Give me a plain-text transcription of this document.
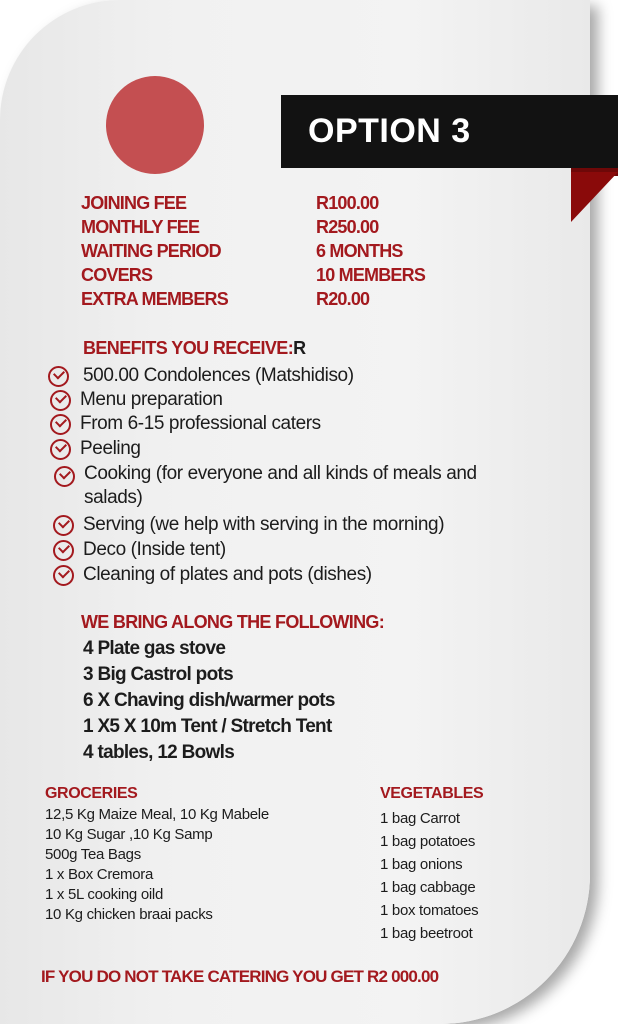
OPTION 3
JOINING FEE	R100.00
MONTHLY FEE	R250.00
WAITING PERIOD	6 MONTHS
COVERS	10 MEMBERS
EXTRA MEMBERS	R20.00
BENEFITS YOU RECEIVE:R
500.00 Condolences (Matshidiso)
Menu preparation
From 6-15 professional caters
Peeling
Cooking (for everyone and all kinds of meals and salads)
Serving (we help with serving in the morning)
Deco (Inside tent)
Cleaning of plates and pots (dishes)
WE BRING ALONG THE FOLLOWING:
4 Plate gas stove
3 Big Castrol pots
6 X Chaving dish/warmer pots
1 X5 X 10m Tent / Stretch Tent
4 tables, 12 Bowls
GROCERIES
12,5 Kg Maize Meal, 10 Kg Mabele
10 Kg Sugar ,10 Kg Samp
500g Tea Bags
1 x Box Cremora
1 x 5L cooking oild
10 Kg chicken braai packs
VEGETABLES
1 bag Carrot
1 bag potatoes
1 bag onions
1 bag cabbage
1 box tomatoes
1 bag beetroot
IF YOU DO NOT TAKE CATERING YOU GET R2 000.00
